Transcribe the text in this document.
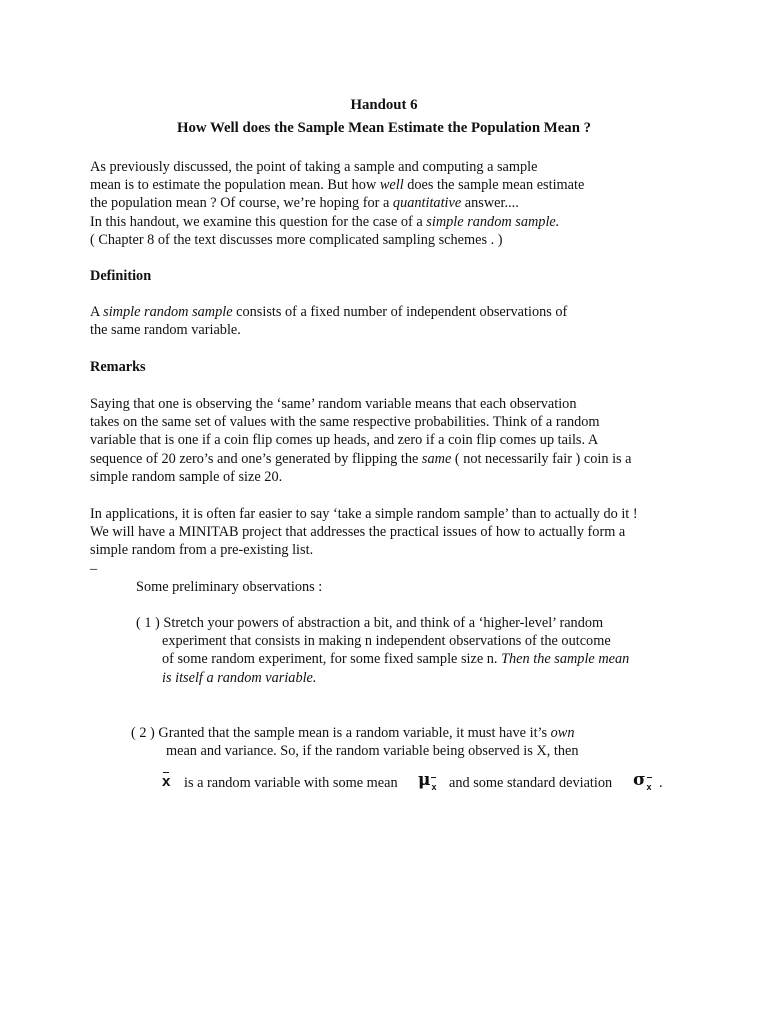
Handout 6
How Well does the Sample Mean Estimate the Population Mean ?
As previously discussed, the point of taking a sample and computing a sample
mean is to estimate the population mean. But how well does the sample mean estimate
the population mean ? Of course, we’re hoping for a quantitative answer....
In this handout, we examine this question for the case of a simple random sample.
( Chapter 8 of the text discusses more complicated sampling schemes . )
Definition
A simple random sample consists of a fixed number of independent observations of
the same random variable.
Remarks
Saying that one is observing the ‘same’ random variable means that each observation
takes on the same set of values with the same respective probabilities. Think of a random
variable that is one if a coin flip comes up heads, and zero if a coin flip comes up tails. A
sequence of 20 zero’s and one’s generated by flipping the same ( not necessarily fair ) coin is a
simple random sample of size 20.
In applications, it is often far easier to say ‘take a simple random sample’ than to actually do it !
We will have a MINITAB project that addresses the practical issues of how to actually form a
simple random from a pre-existing list.
–
Some preliminary observations :
( 1 ) Stretch your powers of abstraction a bit, and think of a ‘higher-level’ random
experiment that consists in making n independent observations of the outcome
of some random experiment, for some fixed sample size n. Then the sample mean
is itself a random variable.
( 2 ) Granted that the sample mean is a random variable, it must have it’s own
mean and variance. So, if the random variable being observed is X, then
x is a random variable with some mean μ
x and some standard deviation σ
x .
